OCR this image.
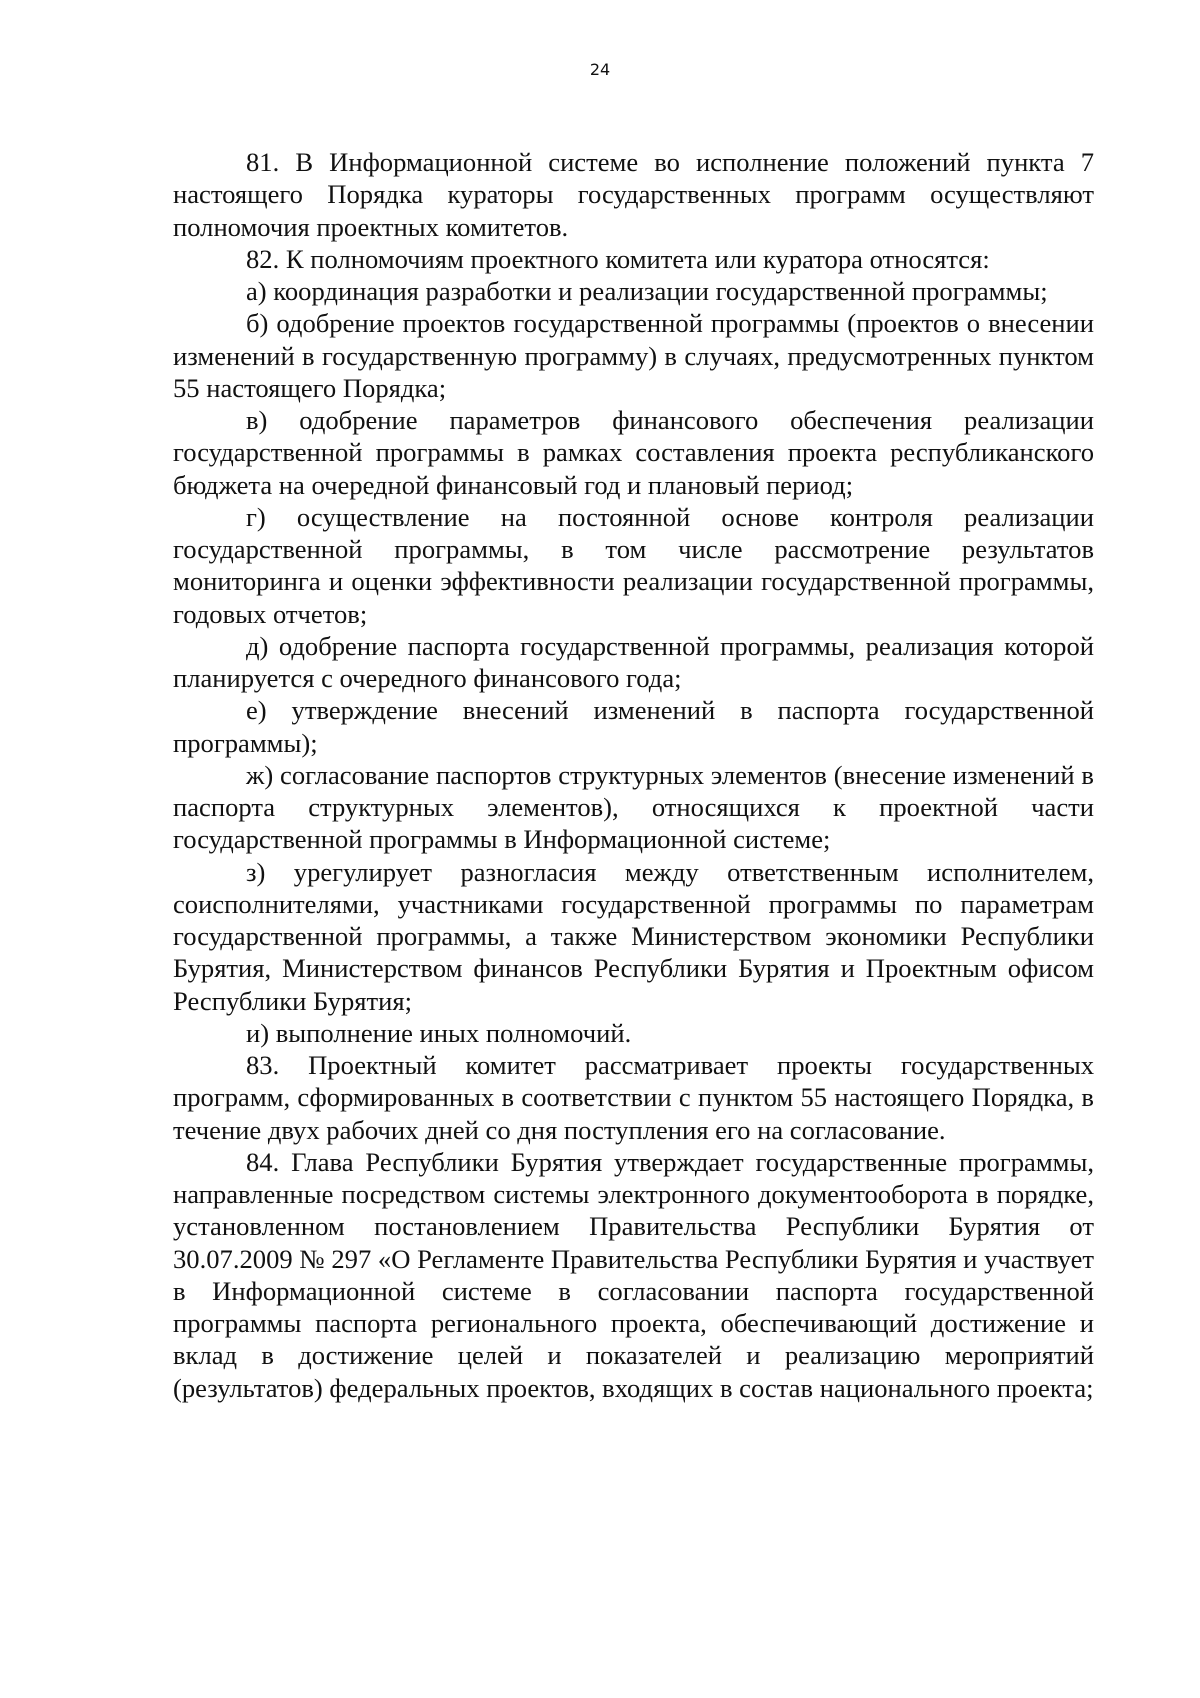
24

81. В Информационной системе во исполнение положений пункта 7 настоящего Порядка кураторы государственных программ осуществляют полномочия проектных комитетов.

82. К полномочиям проектного комитета или куратора относятся:

а) координация разработки и реализации государственной программы;

б) одобрение проектов государственной программы (проектов о внесении изменений в государственную программу) в случаях, предусмотренных пунктом 55 настоящего Порядка;

в) одобрение параметров финансового обеспечения реализации государственной программы в рамках составления проекта республиканского бюджета на очередной финансовый год и плановый период;

г) осуществление на постоянной основе контроля реализации государственной программы, в том числе рассмотрение результатов мониторинга и оценки эффективности реализации государственной программы, годовых отчетов;

д) одобрение паспорта государственной программы, реализация которой планируется с очередного финансового года;

е) утверждение внесений изменений в паспорта государственной программы);

ж) согласование паспортов структурных элементов (внесение изменений в паспорта структурных элементов), относящихся к проектной части государственной программы в Информационной системе;

з) урегулирует разногласия между ответственным исполнителем, соисполнителями, участниками государственной программы по параметрам государственной программы, а также Министерством экономики Республики Бурятия, Министерством финансов Республики Бурятия и Проектным офисом Республики Бурятия;

и) выполнение иных полномочий.

83. Проектный комитет рассматривает проекты государственных программ, сформированных в соответствии с пунктом 55 настоящего Порядка, в течение двух рабочих дней со дня поступления его на согласование.

84. Глава Республики Бурятия утверждает государственные программы, направленные посредством системы электронного документооборота в порядке, установленном постановлением Правительства Республики Бурятия от 30.07.2009 № 297 «О Регламенте Правительства Республики Бурятия и участвует в Информационной системе в согласовании паспорта государственной программы паспорта регионального проекта, обеспечивающий достижение и вклад в достижение целей и показателей и реализацию мероприятий (результатов) федеральных проектов, входящих в состав национального проекта;
